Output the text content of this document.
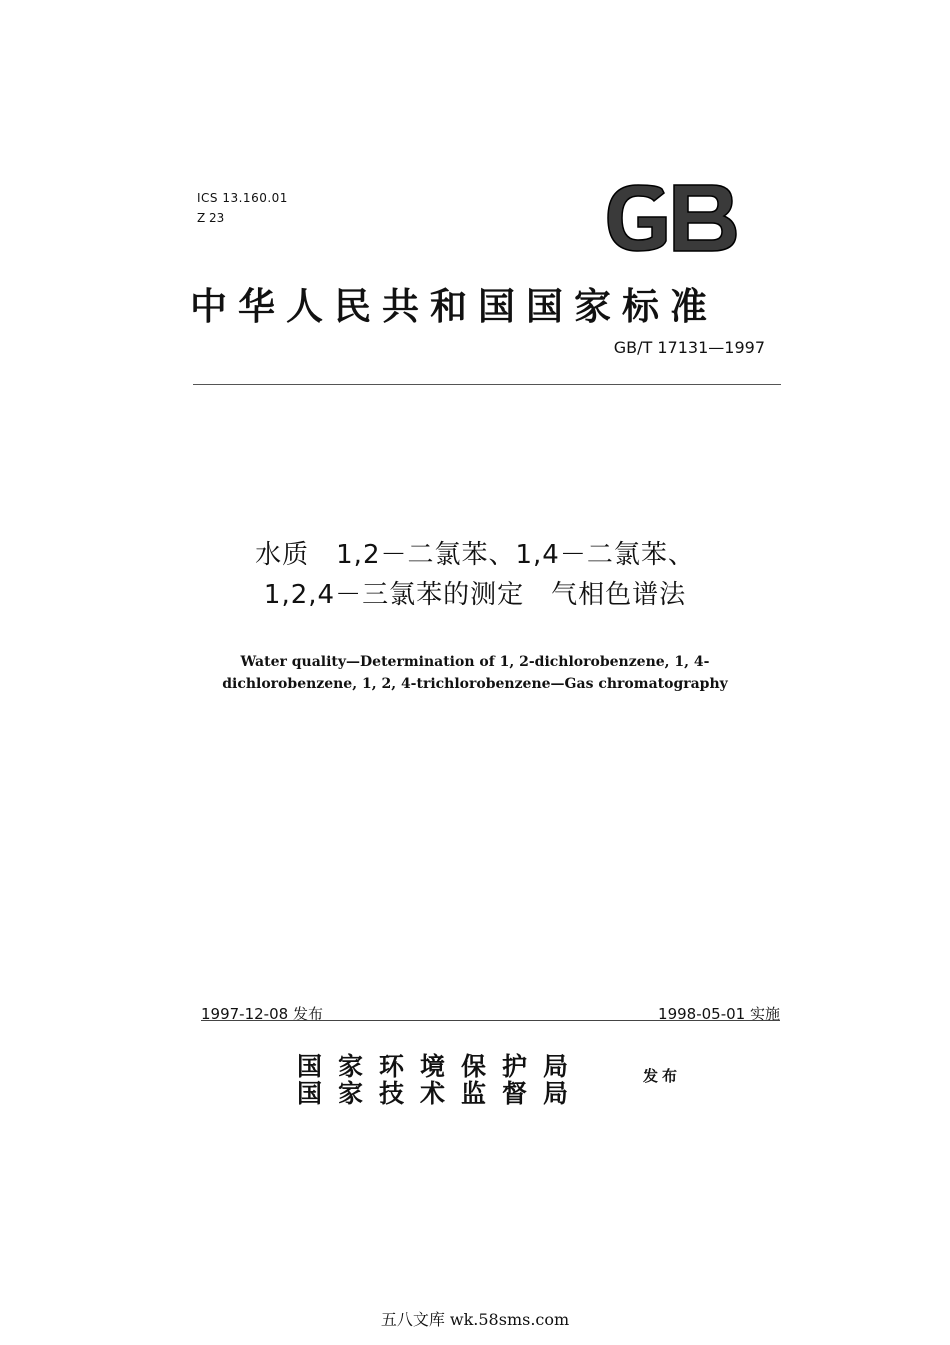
ICS 13.160.01
Z 23
中华人民共和国国家标准
GB/T 17131—1997
水质　1,2－二氯苯、1,4－二氯苯、
1,2,4－三氯苯的测定　气相色谱法
Water quality—Determination of 1, 2-dichlorobenzene, 1, 4-
dichlorobenzene, 1, 2, 4-trichlorobenzene—Gas chromatography
1997-12-08 发布	1998-05-01 实施
国家环境保护局
国家技术监督局
发布
五八文库 wk.58sms.com
